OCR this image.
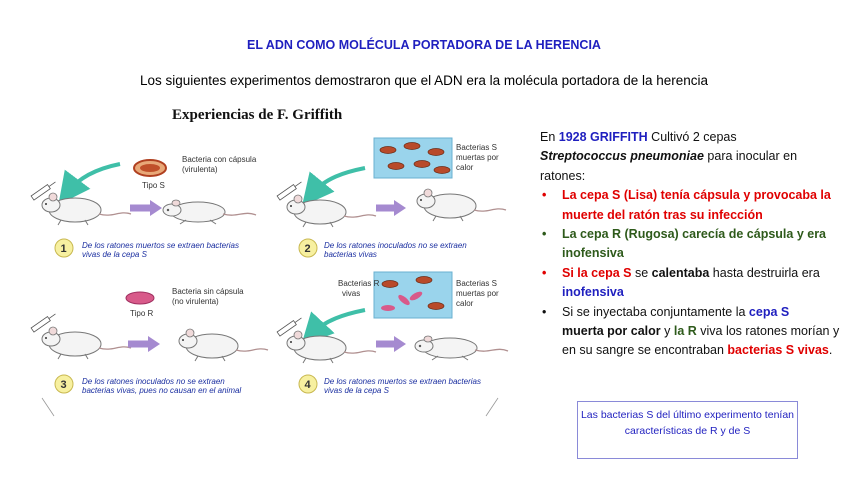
EL ADN COMO MOLÉCULA PORTADORA DE LA HERENCIA
Los siguientes experimentos demostraron que el ADN era la molécula portadora de la herencia
Experiencias de F. Griffith
Bacteria con cápsula
(virulenta)
Tipo S
1 De los ratones muertos se extraen bacterias
vivas de la cepa S
Bacterias S
muertas por
calor
2 De los ratones inoculados no se extraen
bacterias vivas
Bacteria sin cápsula
(no virulenta)
Tipo R
3 De los ratones inoculados no se extraen
bacterias vivas, pues no causan en el animal
Bacterias R
vivas
Bacterias S
muertas por
calor
4 De los ratones muertos se extraen bacterias
vivas de la cepa S

En 1928 GRIFFITH Cultivó 2 cepas
Streptococcus pneumoniae para inocular en ratones:

• La cepa S (Lisa) tenía cápsula y provocaba la muerte del ratón tras su infección
• La cepa R (Rugosa) carecía de cápsula y era inofensiva
• Si la cepa S se calentaba hasta destruirla era inofensiva
• Si se inyectaba conjuntamente la cepa S
muerta por calor y la R viva los ratones morían y en su sangre se encontraban bacterias S vivas.
Las bacterias S del último experimento tenían características de R y de S
